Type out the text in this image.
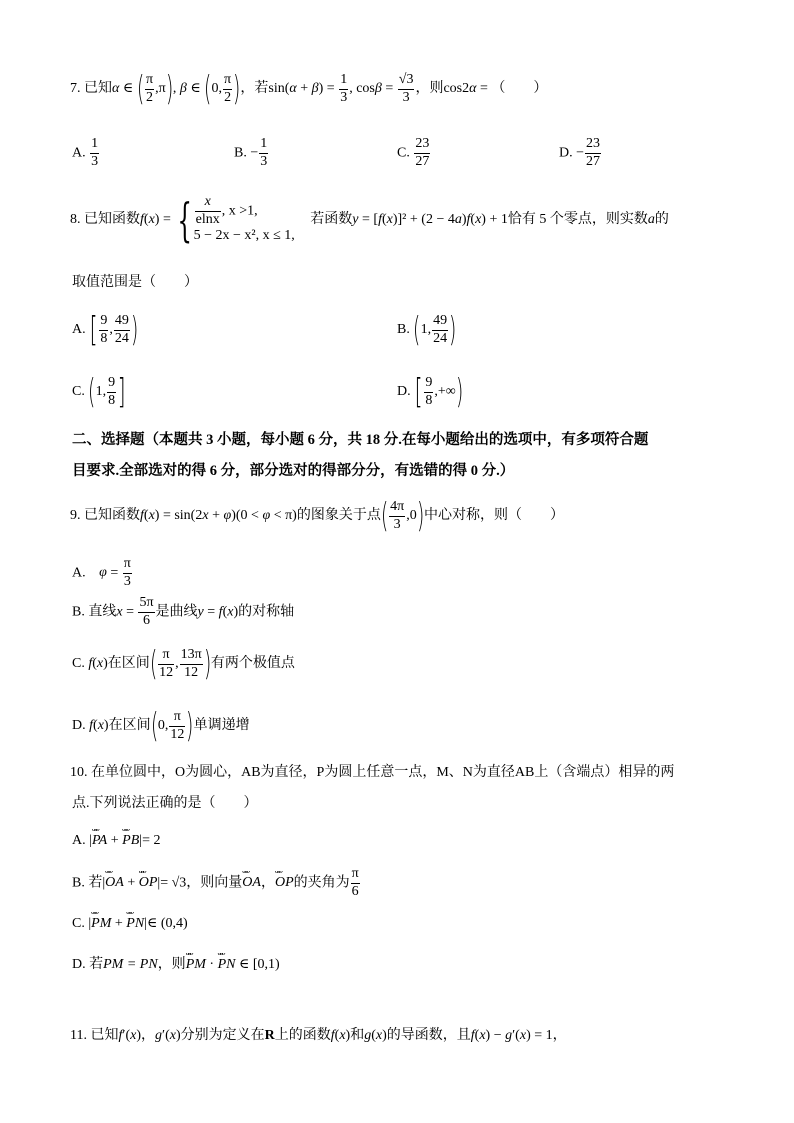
7. 已知α ∈ ( $\frac{\pi}{2} ,\pi$), β ∈ (0, $\frac{\pi}{2}$ )，若$\sin(\alpha + \beta) = \frac{1}{3}$ , $\cos\beta = \frac{√3}{3}$ ，则cos2α = （　　）
A. $\frac{1}{3}$	B. − $\frac{1}{3}$	C. $\frac{23}{27}$	D. − $\frac{23}{27}$
8. 已知函数f(x) = { $\frac{x}{elnx}$ , x >1,
5 − 2x − x², x ≤ 1,
若函数y = [f(x)]² + (2 − 4a)f(x) + 1恰有 5 个零点，则实数a的
取值范围是（　　）
A. [ $\frac{9}{8}$ , $\frac{49}{24}$ )	B. (1, $\frac{49}{24}$ )
C. (1, $\frac{9}{8}$ ]	D. [ $\frac{9}{8}$ ,+∞)
二、选择题（本题共 3 小题，每小题 6 分，共 18 分.在每小题给出的选项中，有多项符合题
目要求.全部选对的得 6 分，部分选对的得部分分，有选错的得 0 分.）
9. 已知函数f(x) = sin(2x + φ)(0 < φ < π)的图象关于点( $\frac{4\pi}{3} ,0$)中心对称，则（　　）
A. $\varphi = \frac{\pi}{3}$
B. 直线$x = \frac{5\pi}{6}$ 是曲线y = f(x)的对称轴
C. f(x)在区间( $\frac{\pi}{12}$ , $\frac{13\pi}{12}$ )有两个极值点
D. f(x)在区间(0, $\frac{\pi}{12}$ )单调递增
10. 在单位圆中，O为圆心，AB为直径，P为圆上任意一点，M、N为直径AB上（含端点）相异的两
点.下列说法正确的是（　　）
A. |ᴗᴗᴗ PA + ᴗᴗᴗ PB|= 2
B. 若|ᴗᴗᴗ OA + ᴗᴗᴗ OP|= √3，则向量ᴗᴗᴗ OA，ᴗᴗᴗ OP的夹角为 $\frac{\pi}{6}$
C. |ᴗᴗᴗ PM + ᴗᴗᴗ PN|∈ (0,4)
D. 若PM = PN，则ᴗᴗᴗ PM · ᴗᴗᴗ PN ∈ [0,1)
11. 已知f′(x)，g′(x)分别为定义在R上的函数f(x)和g(x)的导函数，且f(x) − g′(x) = 1，
